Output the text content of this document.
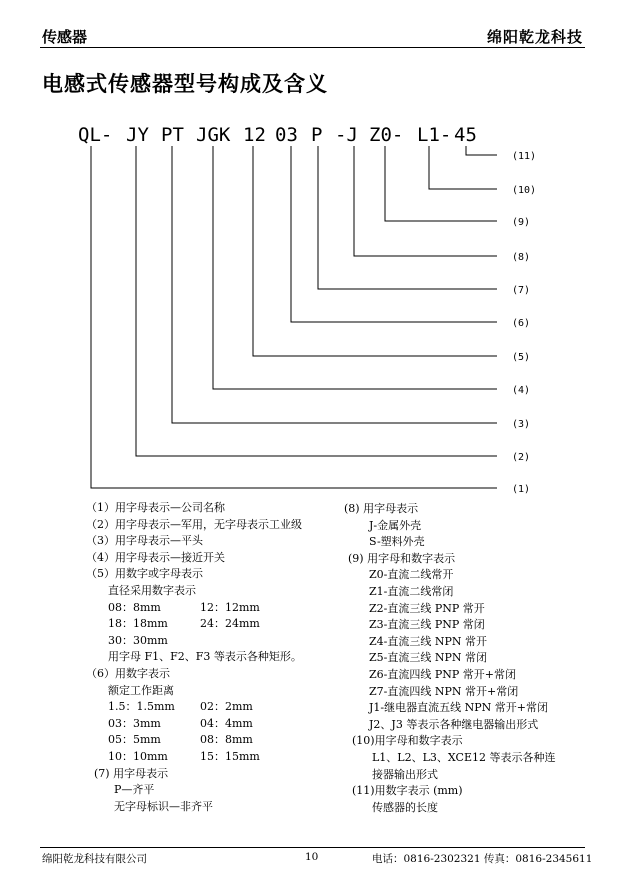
传感器	绵阳乾龙科技
电感式传感器型号构成及含义
QL- JY PT JGK 12 03 P -J Z0- L1- 45
(1)
(2)
(3)
(4)
(5)
(6)
(7)
(8)
(9)
(10)
(11)
（1）用字母表示—公司名称
（2）用字母表示—军用，无字母表示工业级
（3）用字母表示—平头
（4）用字母表示—接近开关
（5）用数字或字母表示
直径采用数字表示
08：8mm	12：12mm
18：18mm	24：24mm
30：30mm
用字母 F1、F2、F3 等表示各种矩形。
（6）用数字表示
额定工作距离
1.5：1.5mm 02：2mm
03：3mm	04：4mm
05：5mm	08：8mm
10：10mm	15：15mm
(7) 用字母表示
P—齐平
无字母标识—非齐平
(8) 用字母表示
J-金属外壳
S-塑料外壳
(9) 用字母和数字表示
Z0-直流二线常开
Z1-直流二线常闭
Z2-直流三线 PNP 常开
Z3-直流三线 PNP 常闭
Z4-直流三线 NPN 常开
Z5-直流三线 NPN 常闭
Z6-直流四线 PNP 常开+常闭
Z7-直流四线 NPN 常开+常闭
J1-继电器直流五线 NPN 常开+常闭
J2、J3 等表示各种继电器输出形式
(10)用字母和数字表示
L1、L2、L3、XCE12 等表示各种连
接器输出形式
(11)用数字表示 (mm)
传感器的长度
绵阳乾龙科技有限公司	10	电话：0816-2302321 传真：0816-2345611
